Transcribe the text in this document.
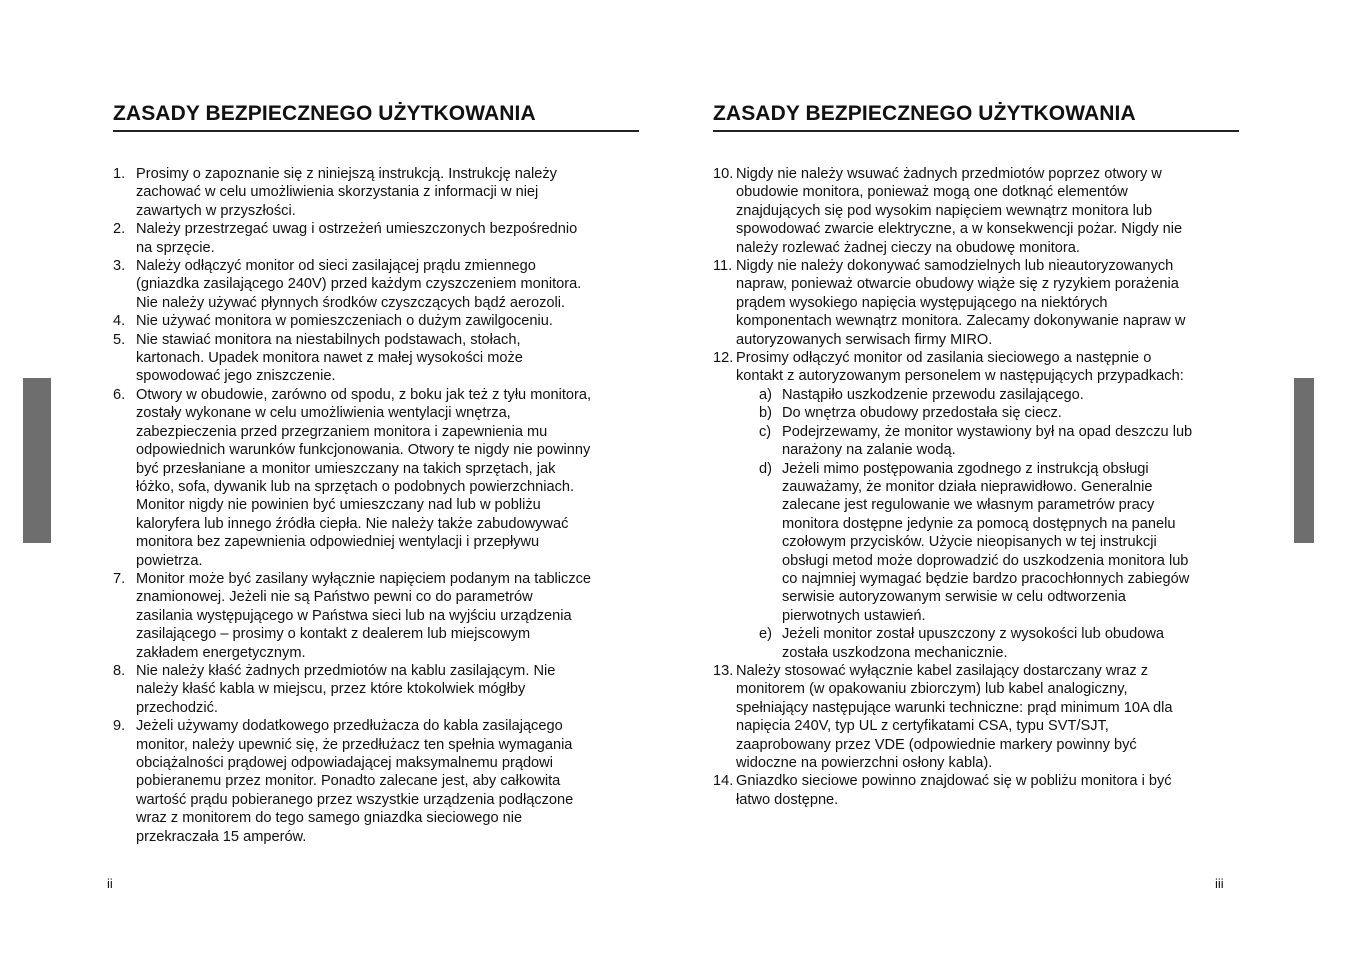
ZASADY BEZPIECZNEGO UŻYTKOWANIA
1. Prosimy o zapoznanie się z niniejszą instrukcją. Instrukcję należy
zachować w celu umożliwienia skorzystania z informacji w niej
zawartych w przyszłości.
2. Należy przestrzegać uwag i ostrzeżeń umieszczonych bezpośrednio
na sprzęcie.
3. Należy odłączyć monitor od sieci zasilającej prądu zmiennego
(gniazdka zasilającego 240V) przed każdym czyszczeniem monitora.
Nie należy używać płynnych środków czyszczących bądź aerozoli.
4. Nie używać monitora w pomieszczeniach o dużym zawilgoceniu.
5. Nie stawiać monitora na niestabilnych podstawach, stołach,
kartonach. Upadek monitora nawet z małej wysokości może
spowodować jego zniszczenie.
6. Otwory w obudowie, zarówno od spodu, z boku jak też z tyłu monitora,
zostały wykonane w celu umożliwienia wentylacji wnętrza,
zabezpieczenia przed przegrzaniem monitora i zapewnienia mu
odpowiednich warunków funkcjonowania. Otwory te nigdy nie powinny
być przesłaniane a monitor umieszczany na takich sprzętach, jak
łóżko, sofa, dywanik lub na sprzętach o podobnych powierzchniach.
Monitor nigdy nie powinien być umieszczany nad lub w pobliżu
kaloryfera lub innego źródła ciepła. Nie należy także zabudowywać
monitora bez zapewnienia odpowiedniej wentylacji i przepływu
powietrza.
7. Monitor może być zasilany wyłącznie napięciem podanym na tabliczce
znamionowej. Jeżeli nie są Państwo pewni co do parametrów
zasilania występującego w Państwa sieci lub na wyjściu urządzenia
zasilającego – prosimy o kontakt z dealerem lub miejscowym
zakładem energetycznym.
8. Nie należy kłaść żadnych przedmiotów na kablu zasilającym. Nie
należy kłaść kabla w miejscu, przez które ktokolwiek mógłby
przechodzić.
9. Jeżeli używamy dodatkowego przedłużacza do kabla zasilającego
monitor, należy upewnić się, że przedłużacz ten spełnia wymagania
obciążalności prądowej odpowiadającej maksymalnemu prądowi
pobieranemu przez monitor. Ponadto zalecane jest, aby całkowita
wartość prądu pobieranego przez wszystkie urządzenia podłączone
wraz z monitorem do tego samego gniazdka sieciowego nie
przekraczała 15 amperów.
ii
ZASADY BEZPIECZNEGO UŻYTKOWANIA
10. Nigdy nie należy wsuwać żadnych przedmiotów poprzez otwory w
obudowie monitora, ponieważ mogą one dotknąć elementów
znajdujących się pod wysokim napięciem wewnątrz monitora lub
spowodować zwarcie elektryczne, a w konsekwencji pożar. Nigdy nie
należy rozlewać żadnej cieczy na obudowę monitora.
11. Nigdy nie należy dokonywać samodzielnych lub nieautoryzowanych
napraw, ponieważ otwarcie obudowy wiąże się z ryzykiem porażenia
prądem wysokiego napięcia występującego na niektórych
komponentach wewnątrz monitora. Zalecamy dokonywanie napraw w
autoryzowanych serwisach firmy MIRO.
12. Prosimy odłączyć monitor od zasilania sieciowego a następnie o
kontakt z autoryzowanym personelem w następujących przypadkach:
a) Nastąpiło uszkodzenie przewodu zasilającego.
b) Do wnętrza obudowy przedostała się ciecz.
c) Podejrzewamy, że monitor wystawiony był na opad deszczu lub
narażony na zalanie wodą.
d) Jeżeli mimo postępowania zgodnego z instrukcją obsługi
zauważamy, że monitor działa nieprawidłowo. Generalnie
zalecane jest regulowanie we własnym parametrów pracy
monitora dostępne jedynie za pomocą dostępnych na panelu
czołowym przycisków. Użycie nieopisanych w tej instrukcji
obsługi metod może doprowadzić do uszkodzenia monitora lub
co najmniej wymagać będzie bardzo pracochłonnych zabiegów
serwisie autoryzowanym serwisie w celu odtworzenia
pierwotnych ustawień.
e) Jeżeli monitor został upuszczony z wysokości lub obudowa
została uszkodzona mechanicznie.
13. Należy stosować wyłącznie kabel zasilający dostarczany wraz z
monitorem (w opakowaniu zbiorczym) lub kabel analogiczny,
spełniający następujące warunki techniczne: prąd minimum 10A dla
napięcia 240V, typ UL z certyfikatami CSA, typu SVT/SJT,
zaaprobowany przez VDE (odpowiednie markery powinny być
widoczne na powierzchni osłony kabla).
14. Gniazdko sieciowe powinno znajdować się w pobliżu monitora i być
łatwo dostępne.
iii
